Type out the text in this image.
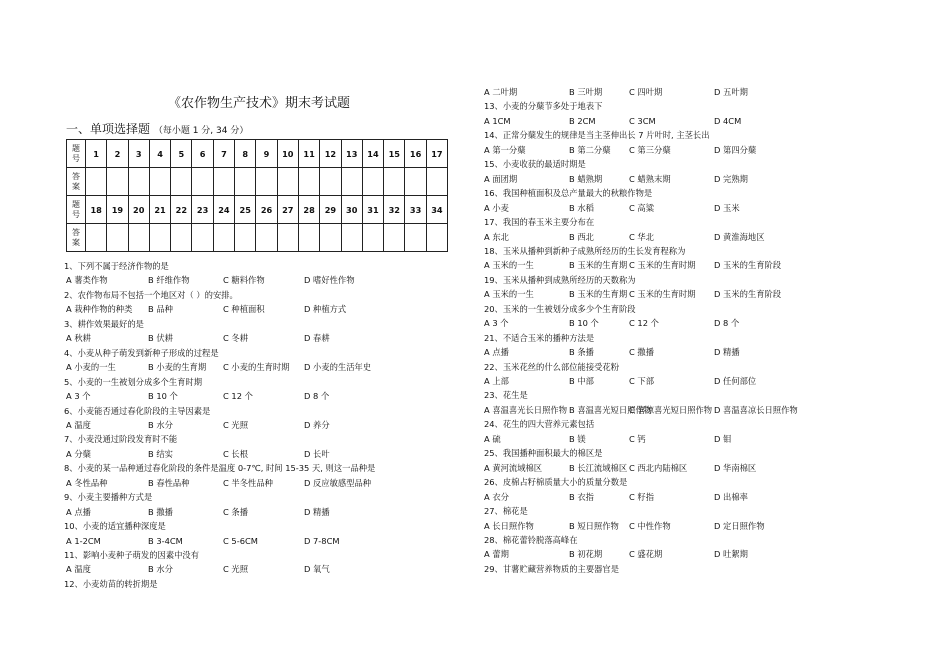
《农作物生产技术》期末考试题
一、单项选择题 （每小题 1 分, 34 分）
题
号	1	2	3	4	5	6	7	8	9	10	11	12	13	14	15	16	17
答
案																	
题
号	18	19	20	21	22	23	24	25	26	27	28	29	30	31	32	33	34
答
案																	
1、下列不属于经济作物的是
A 薯类作物	B 纤维作物	C 糖料作物	D 嗜好性作物
2、农作物布局不包括一个地区对（ ）的安排。
A 栽种作物的种类 B 品种	C 种植面积	D 种植方式
3、耕作效果最好的是
A 秋耕	B 伏耕	C 冬耕	D 春耕
4、小麦从种子萌发到新种子形成的过程是
A 小麦的一生	B 小麦的生育期 C 小麦的生育时期 D 小麦的生活年史
5、小麦的一生被划分成多个生育时期
A 3 个	B 10 个	C 12 个	D 8 个
6、小麦能否通过春化阶段的主导因素是
A 温度	B 水分	C 光照	D 养分
7、小麦没通过阶段发育时不能
A 分蘖	B 结实	C 长根	D 长叶
8、小麦的某一品种通过春化阶段的条件是温度 0-7℃, 时间 15-35 天, 则这一品种是
A 冬性品种	B 春性品种	C 半冬性品种	D 反应敏感型品种
9、小麦主要播种方式是
A 点播	B 撒播	C 条播	D 精播
10、小麦的适宜播种深度是
A 1-2CM	B 3-4CM	C 5-6CM	D 7-8CM
11、影响小麦种子萌发的因素中没有
A 温度	B 水分	C 光照	D 氧气
12、小麦幼苗的转折期是
A 二叶期	B 三叶期	C 四叶期	D 五叶期
13、小麦的分蘖节多处于地表下
A 1CM	B 2CM	C 3CM	D 4CM
14、正常分蘖发生的规律是当主茎伸出长 7 片叶时, 主茎长出
A 第一分蘖	B 第二分蘖 C 第三分蘖	D 第四分蘖
15、小麦收获的最适时期是
A 面团期	B 蜡熟期	C 蜡熟末期	D 完熟期
16、我国种植面积及总产量最大的秋粮作物是
A 小麦	B 水稻	C 高粱	D 玉米
17、我国的春玉米主要分布在
A 东北	B 西北	C 华北	D 黄淮海地区
18、玉米从播种到新种子成熟所经历的生长发育程称为
A 玉米的一生	B 玉米的生育期 C 玉米的生育时期 D 玉米的生育阶段
19、玉米从播种到成熟所经历的天数称为
A 玉米的一生	B 玉米的生育期 C 玉米的生育时期 D 玉米的生育阶段
20、玉米的一生被划分成多少个生育阶段
A 3 个	B 10 个	C 12 个	D 8 个
21、不适合玉米的播种方法是
A 点播	B 条播	C 撒播	D 精播
22、玉米花丝的什么部位能接受花粉
A 上部	B 中部	C 下部	D 任何部位
23、花生是
A 喜温喜光长日照作物 B 喜温喜光短日照作物
C 喜凉喜光短日照作物 D 喜温喜凉长日照作物
24、花生的四大营养元素包括
A 硫	B 镁	C 钙	D 钼
25、我国播种面积最大的棉区是
A 黄河流域棉区	B 长江流域棉区 C 西北内陆棉区	D 华南棉区
26、皮棉占籽棉质量大小的质量分数是
A 衣分	B 衣指	C 籽指	D 出棉率
27、棉花是
A 长日照作物	B 短日照作物 C 中性作物	D 定日照作物
28、棉花蕾铃脱落高峰在
A 蕾期	B 初花期	C 盛花期	D 吐絮期
29、甘薯贮藏营养物质的主要器官是
